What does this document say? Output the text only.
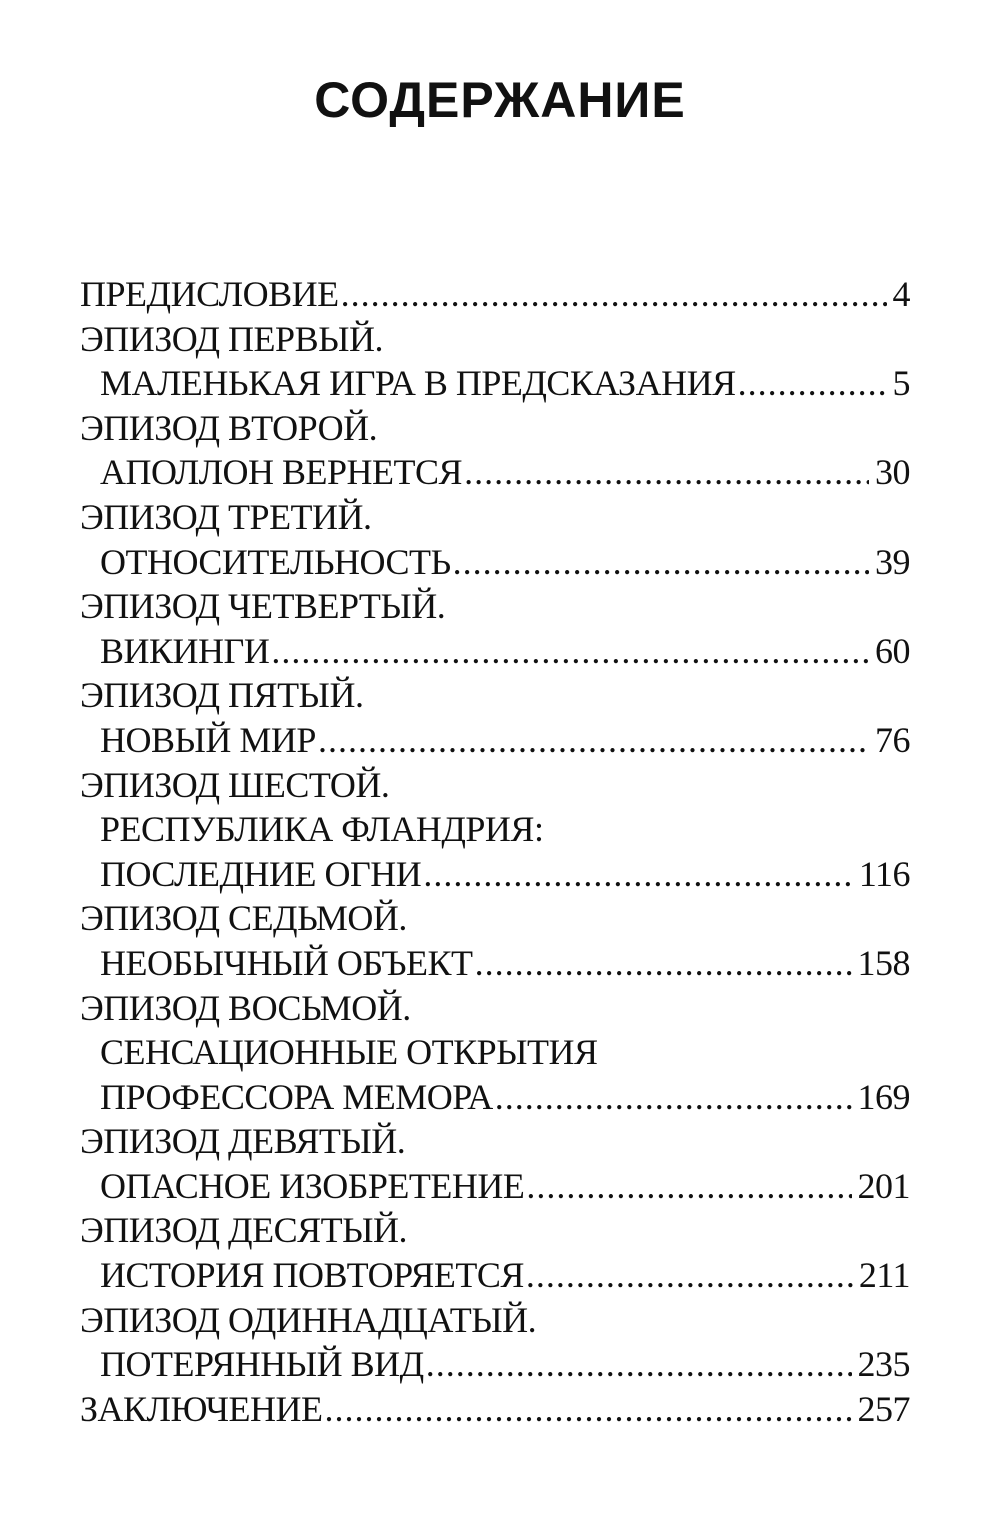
СОДЕРЖАНИЕ
ПРЕДИСЛОВИЕ .....	4
ЭПИЗОД ПЕРВЫЙ.
МАЛЕНЬКАЯ ИГРА В ПРЕДСКАЗАНИЯ .....	5
ЭПИЗОД ВТОРОЙ.
АПОЛЛОН ВЕРНЕТСЯ .....	30
ЭПИЗОД ТРЕТИЙ.
ОТНОСИТЕЛЬНОСТЬ .....	39
ЭПИЗОД ЧЕТВЕРТЫЙ.
ВИКИНГИ .....	60
ЭПИЗОД ПЯТЫЙ.
НОВЫЙ МИР .....	76
ЭПИЗОД ШЕСТОЙ.
РЕСПУБЛИКА ФЛАНДРИЯ:
ПОСЛЕДНИЕ ОГНИ .....	116
ЭПИЗОД СЕДЬМОЙ.
НЕОБЫЧНЫЙ ОБЪЕКТ .....	158
ЭПИЗОД ВОСЬМОЙ.
СЕНСАЦИОННЫЕ ОТКРЫТИЯ
ПРОФЕССОРА МЕМОРА .....	169
ЭПИЗОД ДЕВЯТЫЙ.
ОПАСНОЕ ИЗОБРЕТЕНИЕ .....	201
ЭПИЗОД ДЕСЯТЫЙ.
ИСТОРИЯ ПОВТОРЯЕТСЯ .....	211
ЭПИЗОД ОДИННАДЦАТЫЙ.
ПОТЕРЯННЫЙ ВИД .....	235
ЗАКЛЮЧЕНИЕ .....	257
